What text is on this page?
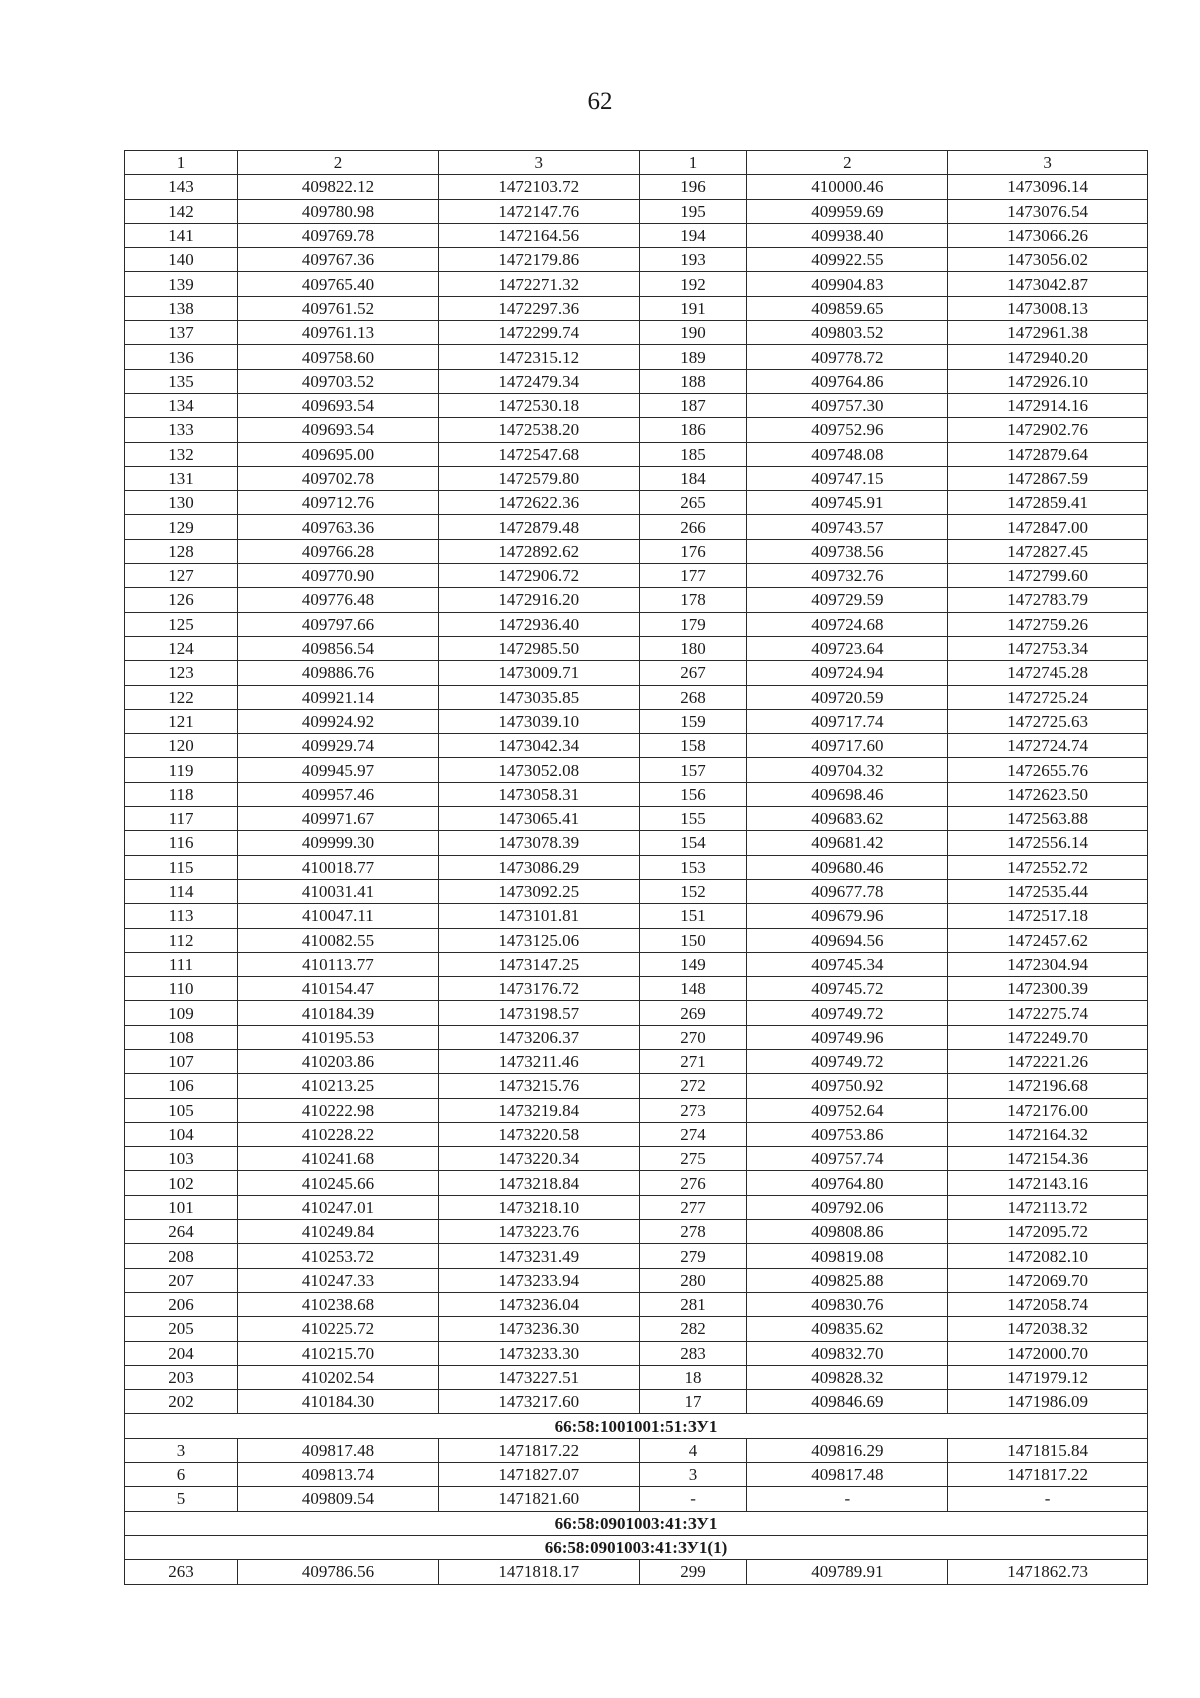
62
1	2	3	1	2	3
143	409822.12	1472103.72	196	410000.46	1473096.14
142	409780.98	1472147.76	195	409959.69	1473076.54
141	409769.78	1472164.56	194	409938.40	1473066.26
140	409767.36	1472179.86	193	409922.55	1473056.02
139	409765.40	1472271.32	192	409904.83	1473042.87
138	409761.52	1472297.36	191	409859.65	1473008.13
137	409761.13	1472299.74	190	409803.52	1472961.38
136	409758.60	1472315.12	189	409778.72	1472940.20
135	409703.52	1472479.34	188	409764.86	1472926.10
134	409693.54	1472530.18	187	409757.30	1472914.16
133	409693.54	1472538.20	186	409752.96	1472902.76
132	409695.00	1472547.68	185	409748.08	1472879.64
131	409702.78	1472579.80	184	409747.15	1472867.59
130	409712.76	1472622.36	265	409745.91	1472859.41
129	409763.36	1472879.48	266	409743.57	1472847.00
128	409766.28	1472892.62	176	409738.56	1472827.45
127	409770.90	1472906.72	177	409732.76	1472799.60
126	409776.48	1472916.20	178	409729.59	1472783.79
125	409797.66	1472936.40	179	409724.68	1472759.26
124	409856.54	1472985.50	180	409723.64	1472753.34
123	409886.76	1473009.71	267	409724.94	1472745.28
122	409921.14	1473035.85	268	409720.59	1472725.24
121	409924.92	1473039.10	159	409717.74	1472725.63
120	409929.74	1473042.34	158	409717.60	1472724.74
119	409945.97	1473052.08	157	409704.32	1472655.76
118	409957.46	1473058.31	156	409698.46	1472623.50
117	409971.67	1473065.41	155	409683.62	1472563.88
116	409999.30	1473078.39	154	409681.42	1472556.14
115	410018.77	1473086.29	153	409680.46	1472552.72
114	410031.41	1473092.25	152	409677.78	1472535.44
113	410047.11	1473101.81	151	409679.96	1472517.18
112	410082.55	1473125.06	150	409694.56	1472457.62
111	410113.77	1473147.25	149	409745.34	1472304.94
110	410154.47	1473176.72	148	409745.72	1472300.39
109	410184.39	1473198.57	269	409749.72	1472275.74
108	410195.53	1473206.37	270	409749.96	1472249.70
107	410203.86	1473211.46	271	409749.72	1472221.26
106	410213.25	1473215.76	272	409750.92	1472196.68
105	410222.98	1473219.84	273	409752.64	1472176.00
104	410228.22	1473220.58	274	409753.86	1472164.32
103	410241.68	1473220.34	275	409757.74	1472154.36
102	410245.66	1473218.84	276	409764.80	1472143.16
101	410247.01	1473218.10	277	409792.06	1472113.72
264	410249.84	1473223.76	278	409808.86	1472095.72
208	410253.72	1473231.49	279	409819.08	1472082.10
207	410247.33	1473233.94	280	409825.88	1472069.70
206	410238.68	1473236.04	281	409830.76	1472058.74
205	410225.72	1473236.30	282	409835.62	1472038.32
204	410215.70	1473233.30	283	409832.70	1472000.70
203	410202.54	1473227.51	18	409828.32	1471979.12
202	410184.30	1473217.60	17	409846.69	1471986.09
66:58:1001001:51:ЗУ1					
3	409817.48	1471817.22	4	409816.29	1471815.84
6	409813.74	1471827.07	3	409817.48	1471817.22
5	409809.54	1471821.60	-	-	-
66:58:0901003:41:ЗУ1					
66:58:0901003:41:ЗУ1(1)					
263	409786.56	1471818.17	299	409789.91	1471862.73
